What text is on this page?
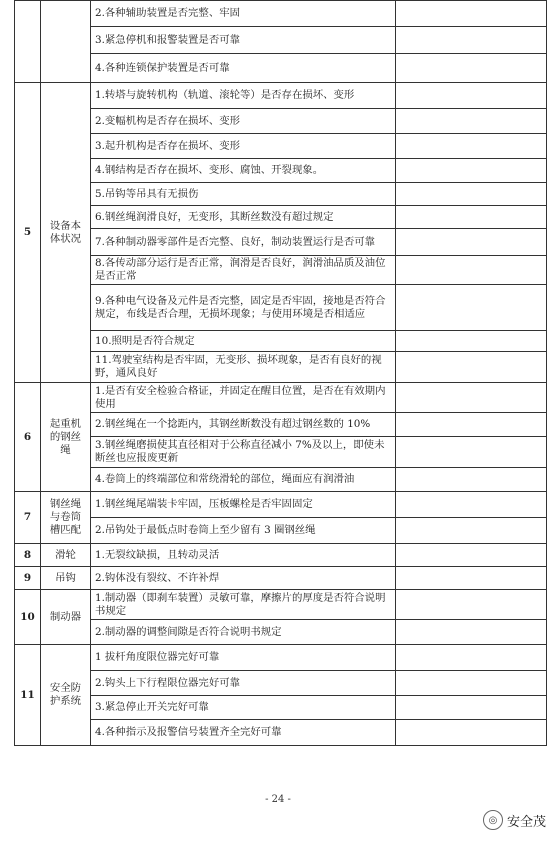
		2.各种辅助装置是否完整、牢固	
		3.紧急停机和报警装置是否可靠	
		4.各种连锁保护装置是否可靠	
5	设备本体状况	1.转塔与旋转机构（轨道、滚轮等）是否存在损坏、变形	
		2.变幅机构是否存在损坏、变形	
		3.起升机构是否存在损坏、变形	
		4.钢结构是否存在损坏、变形、腐蚀、开裂现象。	
		5.吊钩等吊具有无损伤	
		6.钢丝绳润滑良好，无变形，其断丝数没有超过规定	
		7.各种制动器零部件是否完整、良好，制动装置运行是否可靠	
		8.各传动部分运行是否正常，润滑是否良好，润滑油品质及油位是否正常	
		9.各种电气设备及元件是否完整，固定是否牢固，接地是否符合规定，布线是否合理，无损坏现象；与使用环境是否相适应	
		10.照明是否符合规定	
		11.驾驶室结构是否牢固，无变形、损坏现象，是否有良好的视野，通风良好	
6	起重机的钢丝绳	1.是否有安全检验合格证，并固定在醒目位置，是否在有效期内使用	
		2.钢丝绳在一个捻距内，其钢丝断数没有超过钢丝数的 10%	
		3.钢丝绳磨损使其直径相对于公称直径减小 7%及以上，即使未断丝也应报废更新	
		4.卷筒上的终端部位和常绕滑轮的部位，绳面应有润滑油	
7	钢丝绳与卷筒槽匹配	1.钢丝绳尾端装卡牢固，压板螺栓是否牢固固定	
		2.吊钩处于最低点时卷筒上至少留有 3 圈钢丝绳	
8	滑轮	1.无裂纹缺损，且转动灵活	
9	吊钩	2.钩体没有裂纹、不许补焊	
10	制动器	1.制动器（即刹车装置）灵敏可靠，摩擦片的厚度是否符合说明书规定	
		2.制动器的调整间隙是否符合说明书规定	
11	安全防护系统	1 拔杆角度限位器完好可靠	
		2.钩头上下行程限位器完好可靠	
		3.紧急停止开关完好可靠	
		4.各种指示及报警信号装置齐全完好可靠	
- 24 -
◎ 安全茂
